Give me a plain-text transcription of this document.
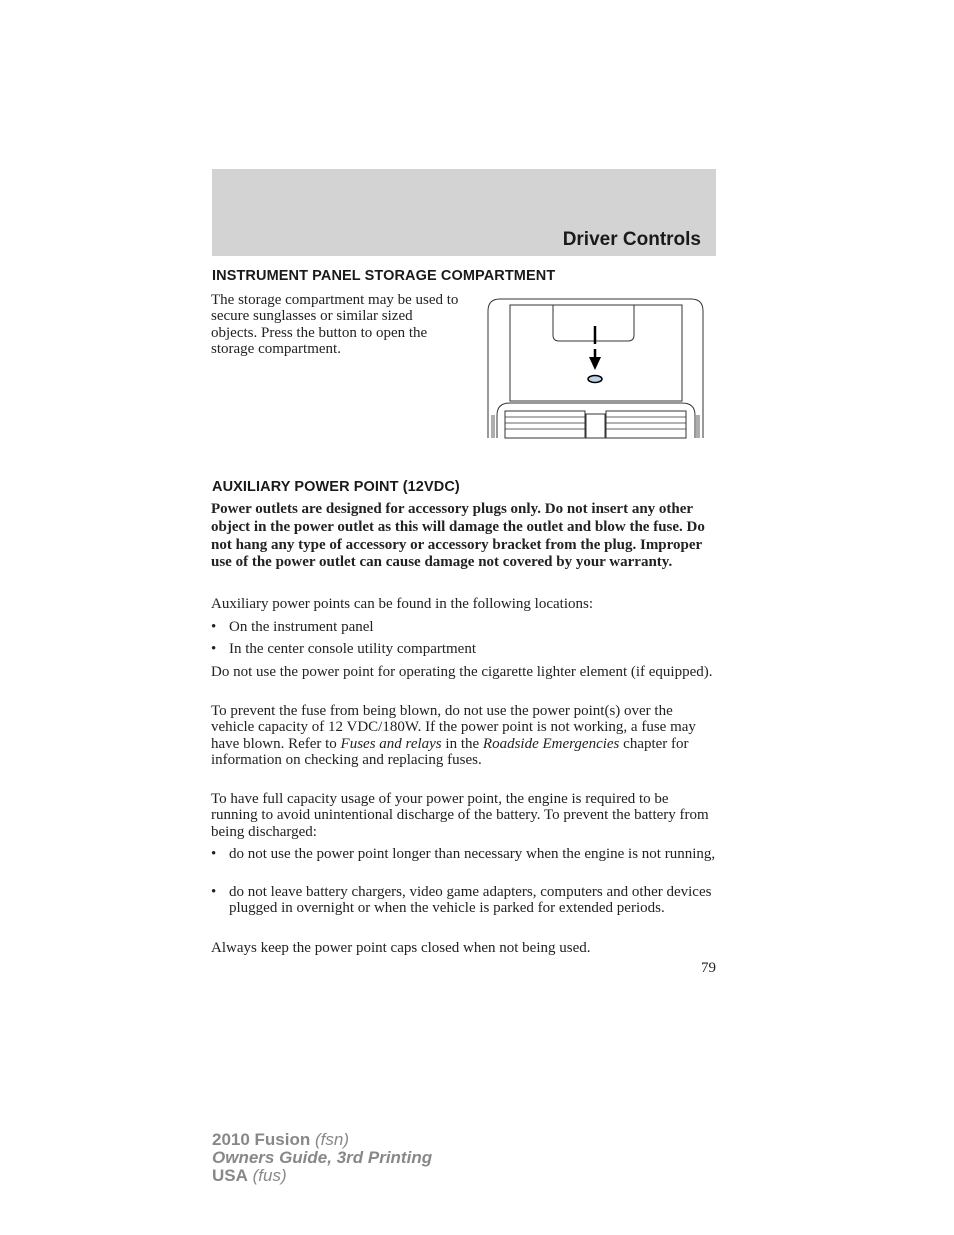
Driver Controls
INSTRUMENT PANEL STORAGE COMPARTMENT
The storage compartment may be used to secure sunglasses or similar sized objects. Press the button to open the storage compartment.
AUXILIARY POWER POINT (12VDC)
Power outlets are designed for accessory plugs only. Do not insert any other object in the power outlet as this will damage the outlet and blow the fuse. Do not hang any type of accessory or accessory bracket from the plug. Improper use of the power outlet can cause damage not covered by your warranty.
Auxiliary power points can be found in the following locations:
• On the instrument panel
• In the center console utility compartment
Do not use the power point for operating the cigarette lighter element (if equipped).
To prevent the fuse from being blown, do not use the power point(s) over the vehicle capacity of 12 VDC/180W. If the power point is not working, a fuse may have blown. Refer to Fuses and relays in the Roadside Emergencies chapter for information on checking and replacing fuses.
To have full capacity usage of your power point, the engine is required to be running to avoid unintentional discharge of the battery. To prevent the battery from being discharged:
• do not use the power point longer than necessary when the engine is not running,
• do not leave battery chargers, video game adapters, computers and other devices plugged in overnight or when the vehicle is parked for extended periods.
Always keep the power point caps closed when not being used.
79
2010 Fusion (fsn)
Owners Guide, 3rd Printing
USA (fus)
